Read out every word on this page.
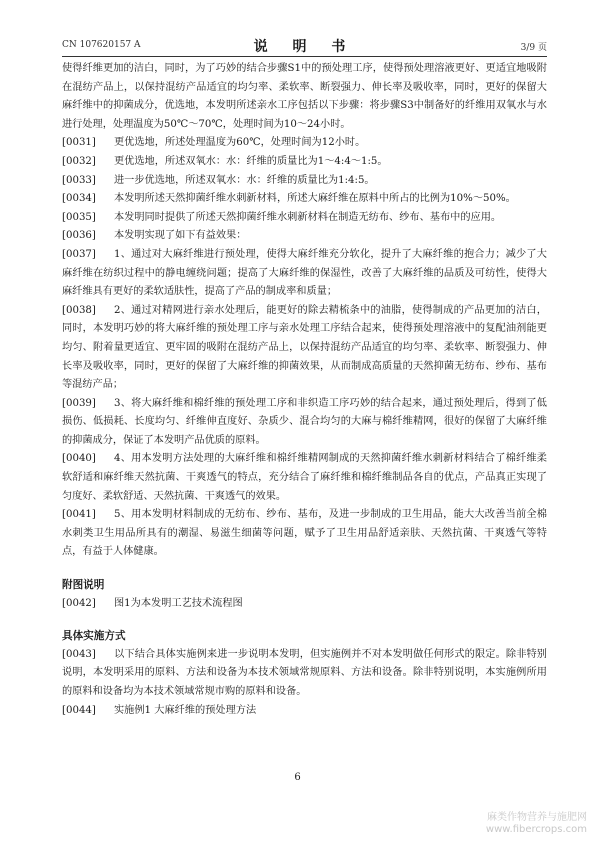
CN 107620157 A	说 明 书	3/9 页

使得纤维更加的洁白，同时，为了巧妙的结合步骤S1中的预处理工序，使得预处理溶液更好、更适宜地吸附在混纺产品上，以保持混纺产品适宜的均匀率、柔软率、断裂强力、伸长率及吸收率，同时，更好的保留大麻纤维中的抑菌成分，优选地，本发明所述亲水工序包括以下步骤：将步骤S3中制备好的纤维用双氧水与水进行处理，处理温度为50℃～70℃，处理时间为10～24小时。

[0031] 更优选地，所述处理温度为60℃，处理时间为12小时。

[0032] 更优选地，所述双氧水：水：纤维的质量比为1～4:4～1:5。

[0033] 进一步优选地，所述双氧水：水：纤维的质量比为1:4:5。

[0034] 本发明所述天然抑菌纤维水刺新材料，所述大麻纤维在原料中所占的比例为10%～50%。

[0035] 本发明同时提供了所述天然抑菌纤维水刺新材料在制造无纺布、纱布、基布中的应用。

[0036] 本发明实现了如下有益效果：

[0037] 1、通过对大麻纤维进行预处理，使得大麻纤维充分软化，提升了大麻纤维的抱合力；减少了大麻纤维在纺织过程中的静电缠绕问题；提高了大麻纤维的保湿性，改善了大麻纤维的品质及可纺性，使得大麻纤维具有更好的柔软适肤性，提高了产品的制成率和质量；

[0038] 2、通过对精网进行亲水处理后，能更好的除去精梳条中的油脂，使得制成的产品更加的洁白，同时，本发明巧妙的将大麻纤维的预处理工序与亲水处理工序结合起来，使得预处理溶液中的复配油剂能更均匀、附着量更适宜、更牢固的吸附在混纺产品上，以保持混纺产品适宜的均匀率、柔软率、断裂强力、伸长率及吸收率，同时，更好的保留了大麻纤维的抑菌效果，从而制成高质量的天然抑菌无纺布、纱布、基布等混纺产品；

[0039] 3、将大麻纤维和棉纤维的预处理工序和非织造工序巧妙的结合起来，通过预处理后，得到了低损伤、低损耗、长度均匀、纤维伸直度好、杂质少、混合均匀的大麻与棉纤维精网，很好的保留了大麻纤维的抑菌成分，保证了本发明产品优质的原料。

[0040] 4、用本发明方法处理的大麻纤维和棉纤维精网制成的天然抑菌纤维水刺新材料结合了棉纤维柔软舒适和麻纤维天然抗菌、干爽透气的特点，充分结合了麻纤维和棉纤维制品各自的优点，产品真正实现了匀度好、柔软舒适、天然抗菌、干爽透气的效果。

[0041] 5、用本发明材料制成的无纺布、纱布、基布，及进一步制成的卫生用品，能大大改善当前全棉水刺类卫生用品所具有的潮湿、易滋生细菌等问题，赋予了卫生用品舒适亲肤、天然抗菌、干爽透气等特点，有益于人体健康。

附图说明

[0042] 图1为本发明工艺技术流程图

具体实施方式

[0043] 以下结合具体实施例来进一步说明本发明，但实施例并不对本发明做任何形式的限定。除非特别说明，本发明采用的原料、方法和设备为本技术领域常规原料、方法和设备。除非特别说明，本实施例所用的原料和设备均为本技术领域常规市购的原料和设备。

[0044] 实施例1 大麻纤维的预处理方法

6
麻类作物营养与施肥网
www.fibercrops.com
